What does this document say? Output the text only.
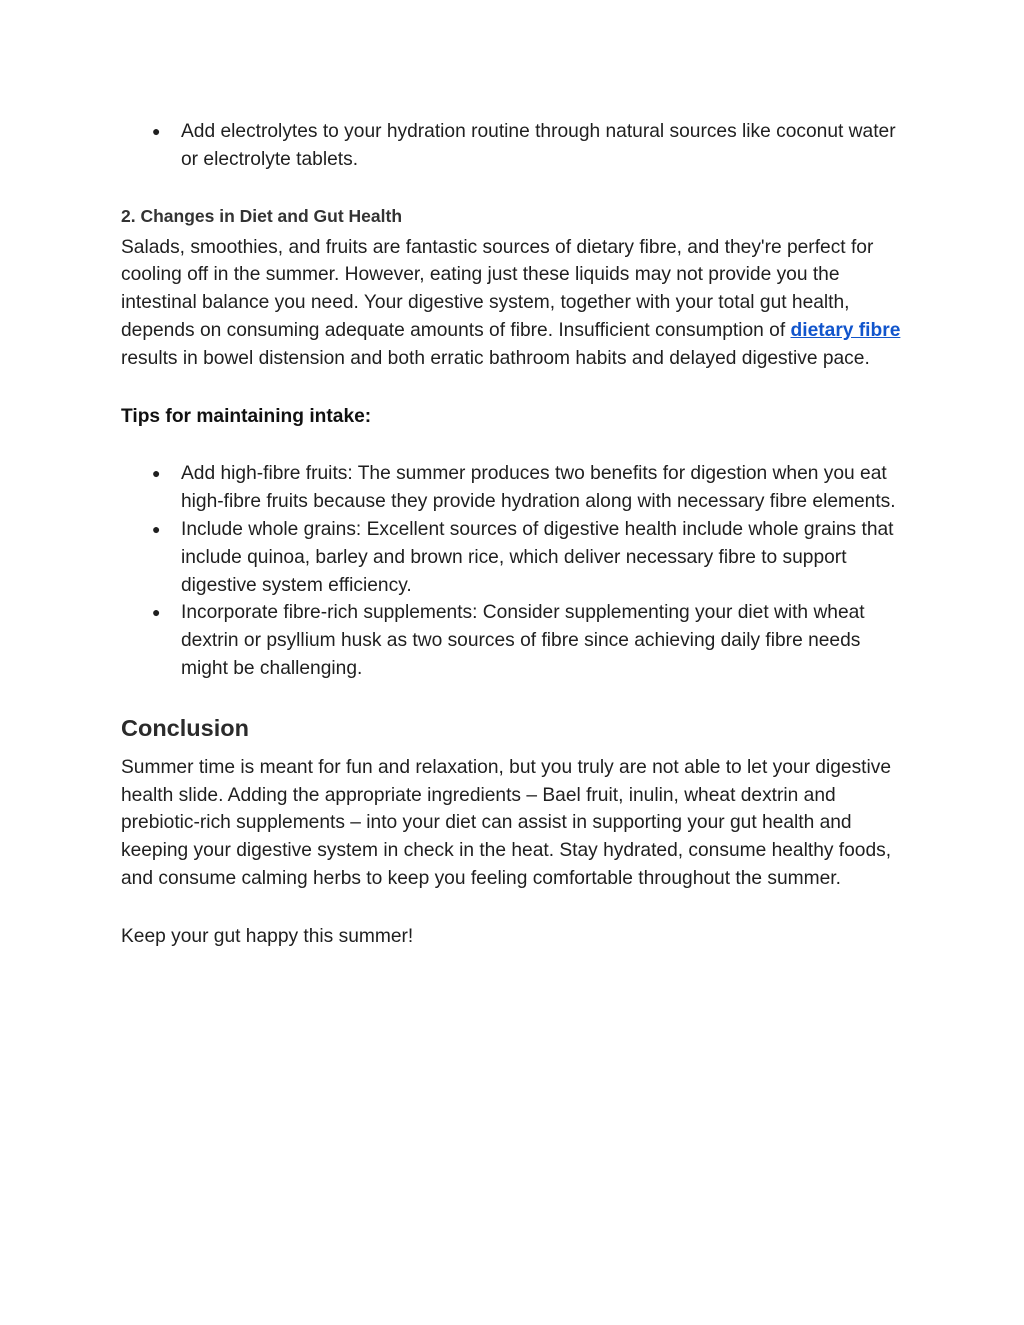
● Add electrolytes to your hydration routine through natural sources like coconut water or electrolyte tablets.
2. Changes in Diet and Gut Health

Salads, smoothies, and fruits are fantastic sources of dietary fibre, and they're perfect for cooling off in the summer. However, eating just these liquids may not provide you the intestinal balance you need. Your digestive system, together with your total gut health, depends on consuming adequate amounts of fibre. Insufficient consumption of dietary fibre results in bowel distension and both erratic bathroom habits and delayed digestive pace.

Tips for maintaining intake:

● Add high-fibre fruits: The summer produces two benefits for digestion when you eat high-fibre fruits because they provide hydration along with necessary fibre elements.
● Include whole grains: Excellent sources of digestive health include whole grains that include quinoa, barley and brown rice, which deliver necessary fibre to support digestive system efficiency.
● Incorporate fibre-rich supplements: Consider supplementing your diet with wheat dextrin or psyllium husk as two sources of fibre since achieving daily fibre needs might be challenging.
Conclusion

Summer time is meant for fun and relaxation, but you truly are not able to let your digestive health slide. Adding the appropriate ingredients – Bael fruit, inulin, wheat dextrin and prebiotic-rich supplements – into your diet can assist in supporting your gut health and keeping your digestive system in check in the heat. Stay hydrated, consume healthy foods, and consume calming herbs to keep you feeling comfortable throughout the summer.

Keep your gut happy this summer!
